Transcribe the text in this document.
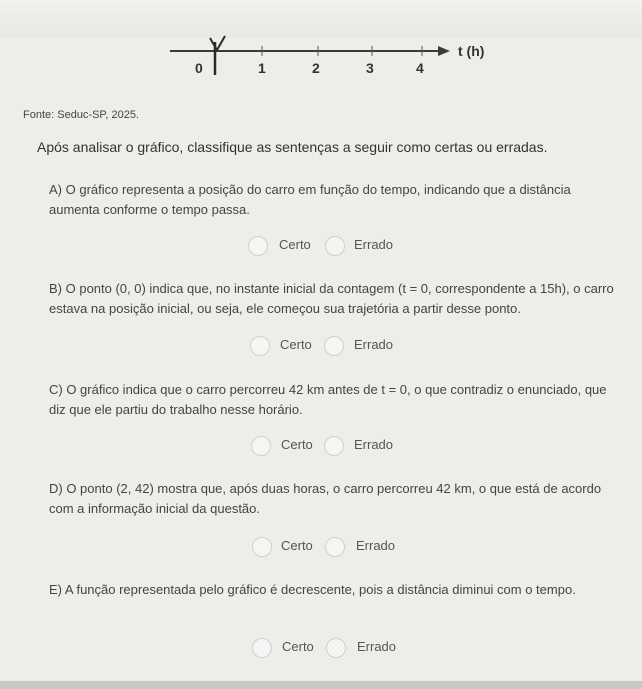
0	1	2	3	4
t (h)
Fonte: Seduc-SP, 2025.
Após analisar o gráfico, classifique as sentenças a seguir como certas ou erradas.
A) O gráfico representa a posição do carro em função do tempo, indicando que a distância aumenta conforme o tempo passa.
Certo	Errado
B) O ponto (0, 0) indica que, no instante inicial da contagem (t = 0, correspondente a 15h), o carro estava na posição inicial, ou seja, ele começou sua trajetória a partir desse ponto.
Certo	Errado
C) O gráfico indica que o carro percorreu 42 km antes de t = 0, o que contradiz o enunciado, que diz que ele partiu do trabalho nesse horário.
Certo	Errado
D) O ponto (2, 42) mostra que, após duas horas, o carro percorreu 42 km, o que está de acordo com a informação inicial da questão.
Certo	Errado
E) A função representada pelo gráfico é decrescente, pois a distância diminui com o tempo.
Certo	Errado
